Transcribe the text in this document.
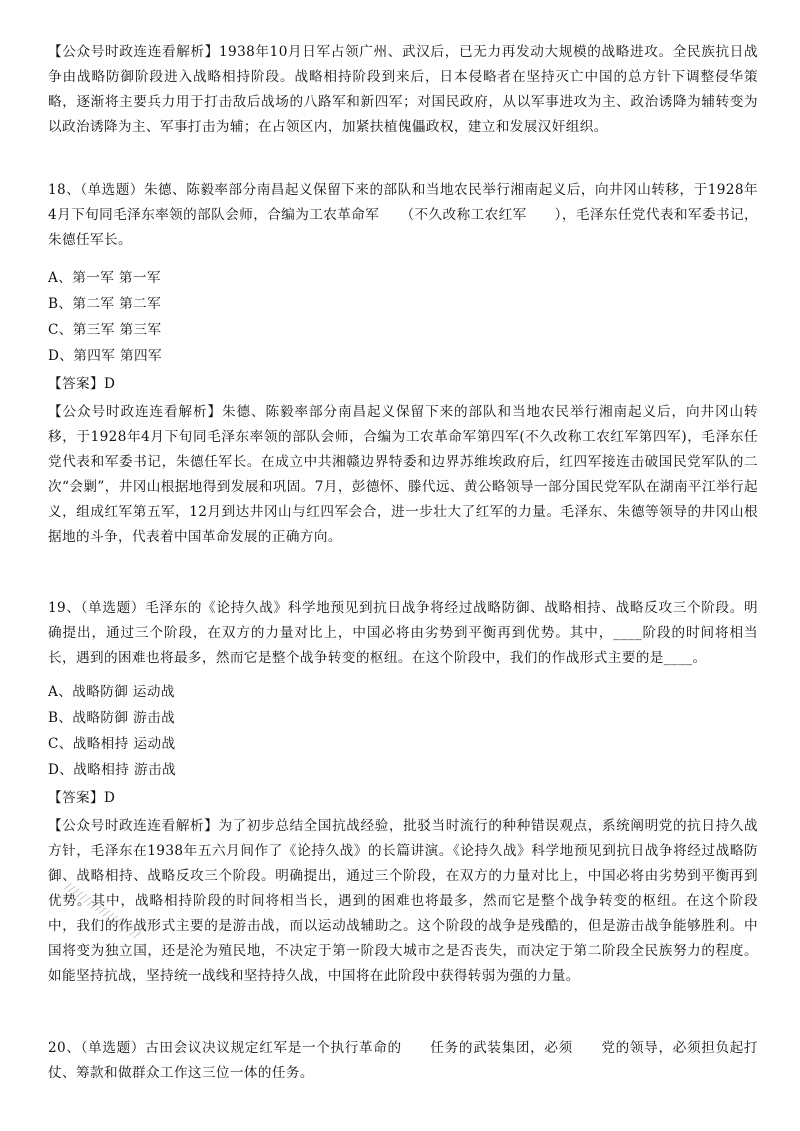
【公众号时政连连看解析】1938年10月日军占领广州、武汉后，已无力再发动大规模的战略进攻。全民族抗日战争由战略防御阶段进入战略相持阶段。战略相持阶段到来后，日本侵略者在坚持灭亡中国的总方针下调整侵华策略，逐渐将主要兵力用于打击敌后战场的八路军和新四军；对国民政府，从以军事进攻为主、政治诱降为辅转变为以政治诱降为主、军事打击为辅；在占领区内，加紧扶植傀儡政权，建立和发展汉奸组织。
18、（单选题）朱德、陈毅率部分南昌起义保留下来的部队和当地农民举行湘南起义后，向井冈山转移，于1928年4月下旬同毛泽东率领的部队会师，合编为工农革命军　　（不久改称工农红军　　），毛泽东任党代表和军委书记，朱德任军长。
A、第一军 第一军
B、第二军 第二军
C、第三军 第三军
D、第四军 第四军
【答案】D
【公众号时政连连看解析】朱德、陈毅率部分南昌起义保留下来的部队和当地农民举行湘南起义后，向井冈山转移，于1928年4月下旬同毛泽东率领的部队会师，合编为工农革命军第四军(不久改称工农红军第四军)，毛泽东任党代表和军委书记，朱德任军长。在成立中共湘赣边界特委和边界苏维埃政府后，红四军接连击破国民党军队的二次“会剿”，井冈山根据地得到发展和巩固。7月，彭德怀、滕代远、黄公略领导一部分国民党军队在湖南平江举行起义，组成红军第五军，12月到达井冈山与红四军会合，进一步壮大了红军的力量。毛泽东、朱德等领导的井冈山根据地的斗争，代表着中国革命发展的正确方向。
19、（单选题）毛泽东的《论持久战》科学地预见到抗日战争将经过战略防御、战略相持、战略反攻三个阶段。明确提出，通过三个阶段，在双方的力量对比上，中国必将由劣势到平衡再到优势。其中，____阶段的时间将相当长，遇到的困难也将最多，然而它是整个战争转变的枢纽。在这个阶段中，我们的作战形式主要的是____。
A、战略防御 运动战
B、战略防御 游击战
C、战略相持 运动战
D、战略相持 游击战
【答案】D
【公众号时政连连看解析】为了初步总结全国抗战经验，批驳当时流行的种种错误观点，系统阐明党的抗日持久战方针，毛泽东在1938年五六月间作了《论持久战》的长篇讲演。《论持久战》科学地预见到抗日战争将经过战略防御、战略相持、战略反攻三个阶段。明确提出，通过三个阶段，在双方的力量对比上，中国必将由劣势到平衡再到优势。其中，战略相持阶段的时间将相当长，遇到的困难也将最多，然而它是整个战争转变的枢纽。在这个阶段中，我们的作战形式主要的是游击战，而以运动战辅助之。这个阶段的战争是残酷的，但是游击战争能够胜利。中国将变为独立国，还是沦为殖民地，不决定于第一阶段大城市之是否丧失，而决定于第二阶段全民族努力的程度。如能坚持抗战，坚持统一战线和坚持持久战，中国将在此阶段中获得转弱为强的力量。
20、（单选题）古田会议决议规定红军是一个执行革命的　　任务的武装集团，必须　　党的领导，必须担负起打仗、筹款和做群众工作这三位一体的任务。
///////////////////
